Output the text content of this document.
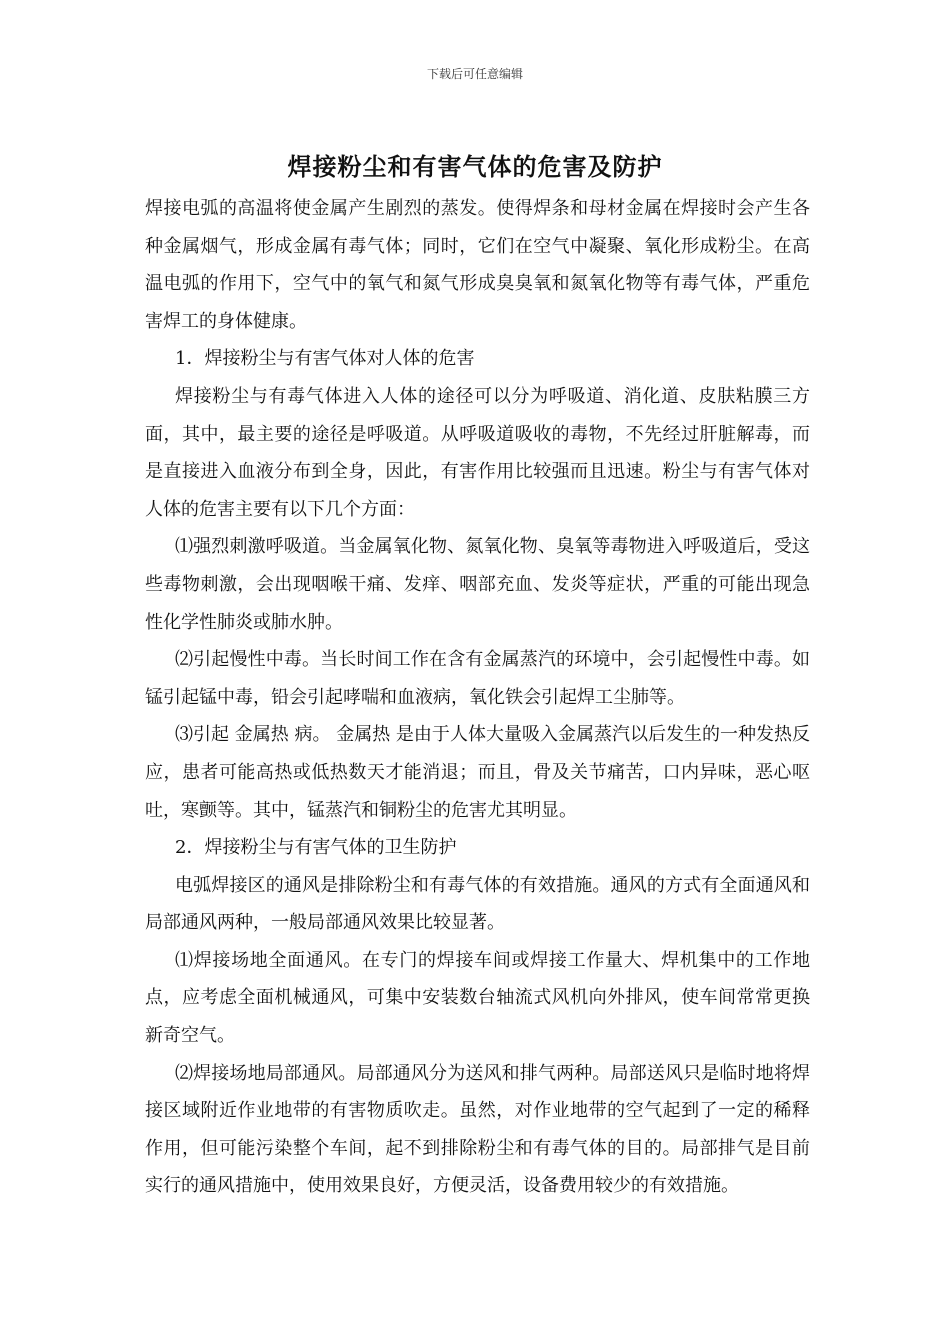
下载后可任意编辑
焊接粉尘和有害气体的危害及防护

焊接电弧的高温将使金属产生剧烈的蒸发。使得焊条和母材金属在焊接时会产生各种金属烟气，形成金属有毒气体；同时，它们在空气中凝聚、氧化形成粉尘。在高温电弧的作用下，空气中的氧气和氮气形成臭臭氧和氮氧化物等有毒气体，严重危害焊工的身体健康。

1．焊接粉尘与有害气体对人体的危害

焊接粉尘与有毒气体进入人体的途径可以分为呼吸道、消化道、皮肤粘膜三方面，其中，最主要的途径是呼吸道。从呼吸道吸收的毒物，不先经过肝脏解毒，而是直接进入血液分布到全身，因此，有害作用比较强而且迅速。粉尘与有害气体对人体的危害主要有以下几个方面：

⑴强烈刺激呼吸道。当金属氧化物、氮氧化物、臭氧等毒物进入呼吸道后，受这些毒物刺激，会出现咽喉干痛、发痒、咽部充血、发炎等症状，严重的可能出现急性化学性肺炎或肺水肿。

⑵引起慢性中毒。当长时间工作在含有金属蒸汽的环境中，会引起慢性中毒。如锰引起锰中毒，铅会引起哮喘和血液病，氧化铁会引起焊工尘肺等。

⑶引起 金属热 病。 金属热 是由于人体大量吸入金属蒸汽以后发生的一种发热反应，患者可能高热或低热数天才能消退；而且，骨及关节痛苦，口内异味，恶心呕吐，寒颤等。其中，锰蒸汽和铜粉尘的危害尤其明显。

2．焊接粉尘与有害气体的卫生防护

电弧焊接区的通风是排除粉尘和有毒气体的有效措施。通风的方式有全面通风和局部通风两种，一般局部通风效果比较显著。

⑴焊接场地全面通风。在专门的焊接车间或焊接工作量大、焊机集中的工作地点，应考虑全面机械通风，可集中安装数台轴流式风机向外排风，使车间常常更换新奇空气。

⑵焊接场地局部通风。局部通风分为送风和排气两种。局部送风只是临时地将焊接区域附近作业地带的有害物质吹走。虽然，对作业地带的空气起到了一定的稀释作用，但可能污染整个车间，起不到排除粉尘和有毒气体的目的。局部排气是目前实行的通风措施中，使用效果良好，方便灵活，设备费用较少的有效措施。
